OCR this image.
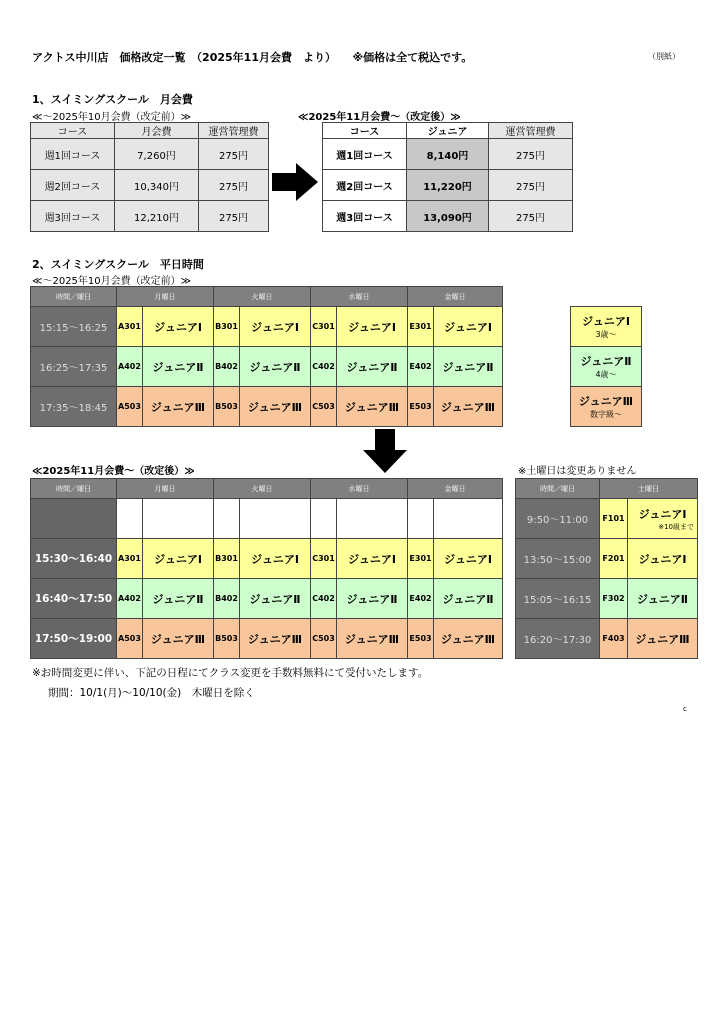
アクトス中川店　価格改定一覧　（2025年11月会費　より）　　※価格は全て税込です。	（別紙）
1、スイミングスクール　月会費
≪～2025年10月会費（改定前）≫	≪2025年11月会費～（改定後）≫
コース	月会費	運営管理費
週1回コース	7,260円	275円
週2回コース	10,340円	275円
週3回コース	12,210円	275円
コース	ジュニア	運営管理費
週1回コース	8,140円	275円
週2回コース	11,220円	275円
週3回コース	13,090円	275円
2、スイミングスクール　平日時間
≪～2025年10月会費（改定前）≫
時間／曜日	月曜日		火曜日		水曜日		金曜日	
15:15～16:25	A301	ジュニアⅠ	B301	ジュニアⅠ	C301	ジュニアⅠ	E301	ジュニアⅠ
16:25～17:35	A402	ジュニアⅡ	B402	ジュニアⅡ	C402	ジュニアⅡ	E402	ジュニアⅡ
17:35～18:45	A503	ジュニアⅢ	B503	ジュニアⅢ	C503	ジュニアⅢ	E503	ジュニアⅢ
ジュニアⅠ
3歳～

ジュニアⅡ
4歳～

ジュニアⅢ
数字級～
≪2025年11月会費～（改定後）≫	※土曜日は変更ありません
時間／曜日	月曜日		火曜日		水曜日		金曜日	

15:30～16:40	A301	ジュニアⅠ	B301	ジュニアⅠ	C301	ジュニアⅠ	E301	ジュニアⅠ
16:40～17:50	A402	ジュニアⅡ	B402	ジュニアⅡ	C402	ジュニアⅡ	E402	ジュニアⅡ
17:50～19:00	A503	ジュニアⅢ	B503	ジュニアⅢ	C503	ジュニアⅢ	E503	ジュニアⅢ
時間／曜日	土曜日	
9:50～11:00	F101	ジュニアⅠ
※10級まで

13:50～15:00	F201	ジュニアⅠ
15:05～16:15	F302	ジュニアⅡ
16:20～17:30	F403	ジュニアⅢ
※お時間変更に伴い、下記の日程にてクラス変更を手数料無料にて受付いたします。
期間：10/1(月)～10/10(金)　木曜日を除く
c
